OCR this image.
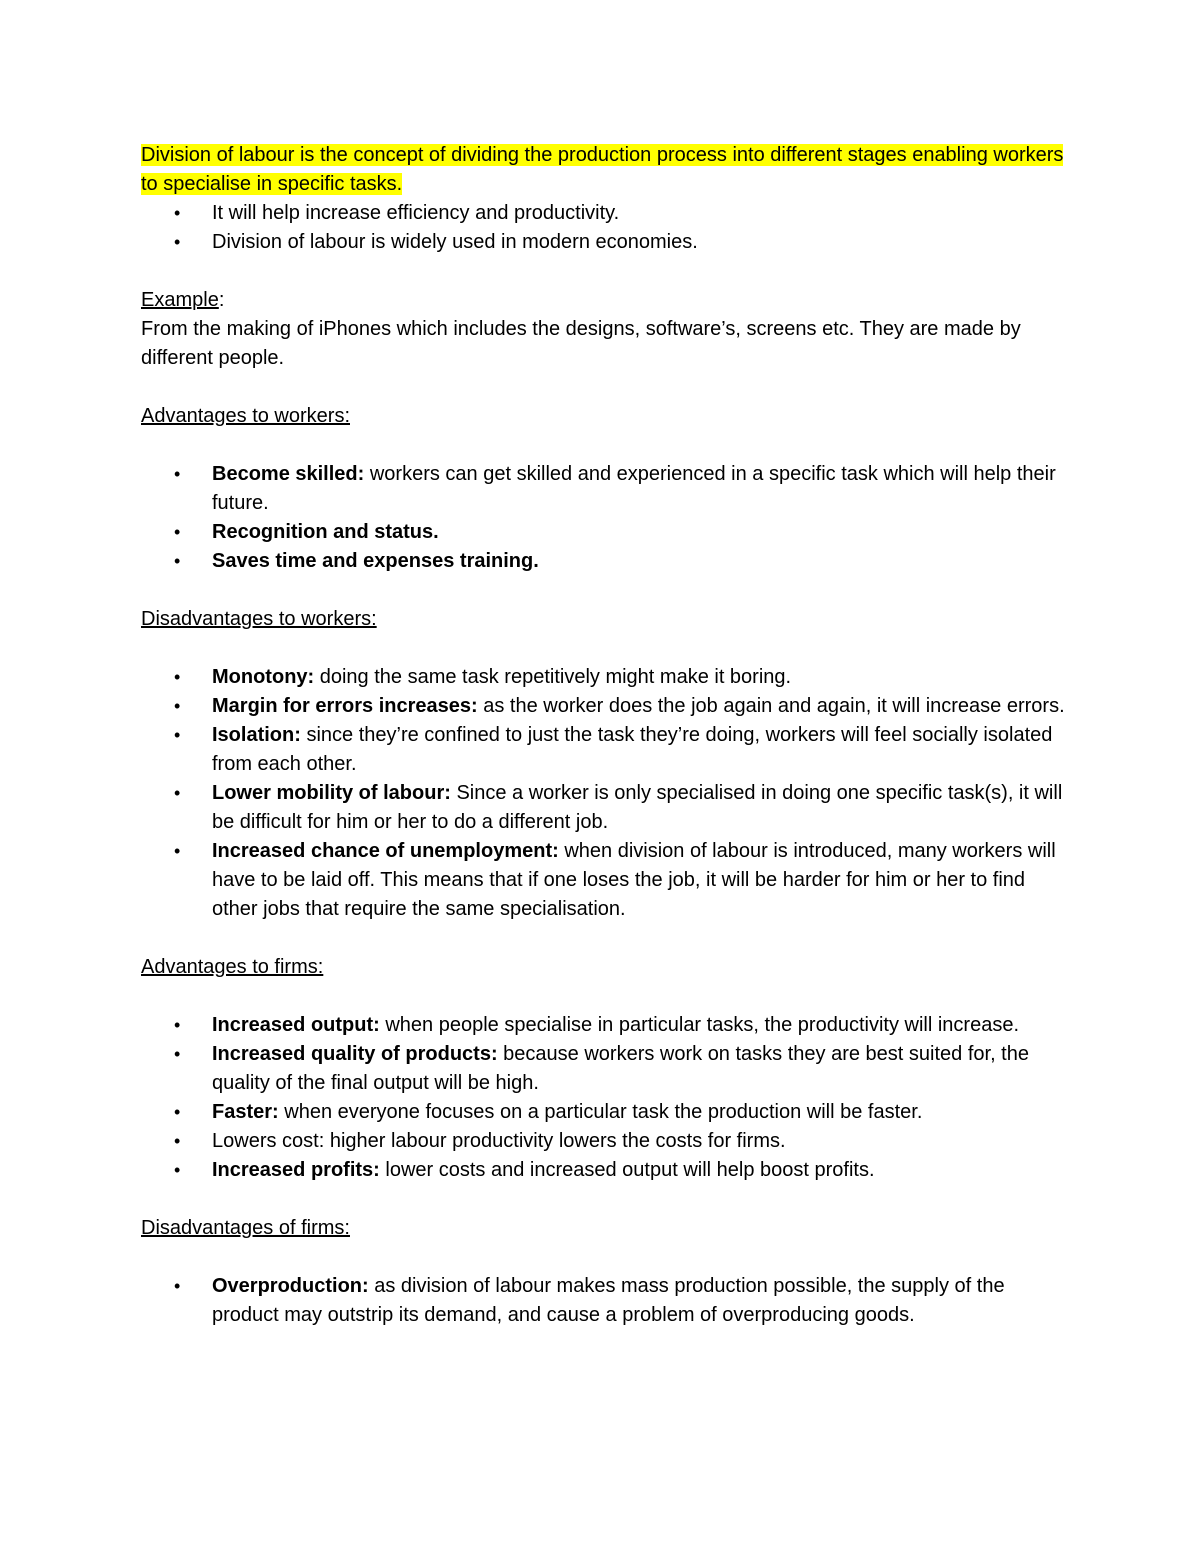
Division of labour is the concept of dividing the production process into different stages enabling workers to specialise in specific tasks.

• It will help increase efficiency and productivity.
• Division of labour is widely used in modern economies.

Example:

From the making of iPhones which includes the designs, software’s, screens etc. They are made by different people.

Advantages to workers:

• Become skilled: workers can get skilled and experienced in a specific task which will help their future.
• Recognition and status.
• Saves time and expenses training.

Disadvantages to workers:

• Monotony: doing the same task repetitively might make it boring.
• Margin for errors increases: as the worker does the job again and again, it will increase errors.
• Isolation: since they’re confined to just the task they’re doing, workers will feel socially isolated from each other.
• Lower mobility of labour: Since a worker is only specialised in doing one specific task(s), it will be difficult for him or her to do a different job.
• Increased chance of unemployment: when division of labour is introduced, many workers will have to be laid off. This means that if one loses the job, it will be harder for him or her to find other jobs that require the same specialisation.

Advantages to firms:

• Increased output: when people specialise in particular tasks, the productivity will increase.
• Increased quality of products: because workers work on tasks they are best suited for, the quality of the final output will be high.
• Faster: when everyone focuses on a particular task the production will be faster.
• Lowers cost: higher labour productivity lowers the costs for firms.
• Increased profits: lower costs and increased output will help boost profits.

Disadvantages of firms:

• Overproduction: as division of labour makes mass production possible, the supply of the product may outstrip its demand, and cause a problem of overproducing goods.
